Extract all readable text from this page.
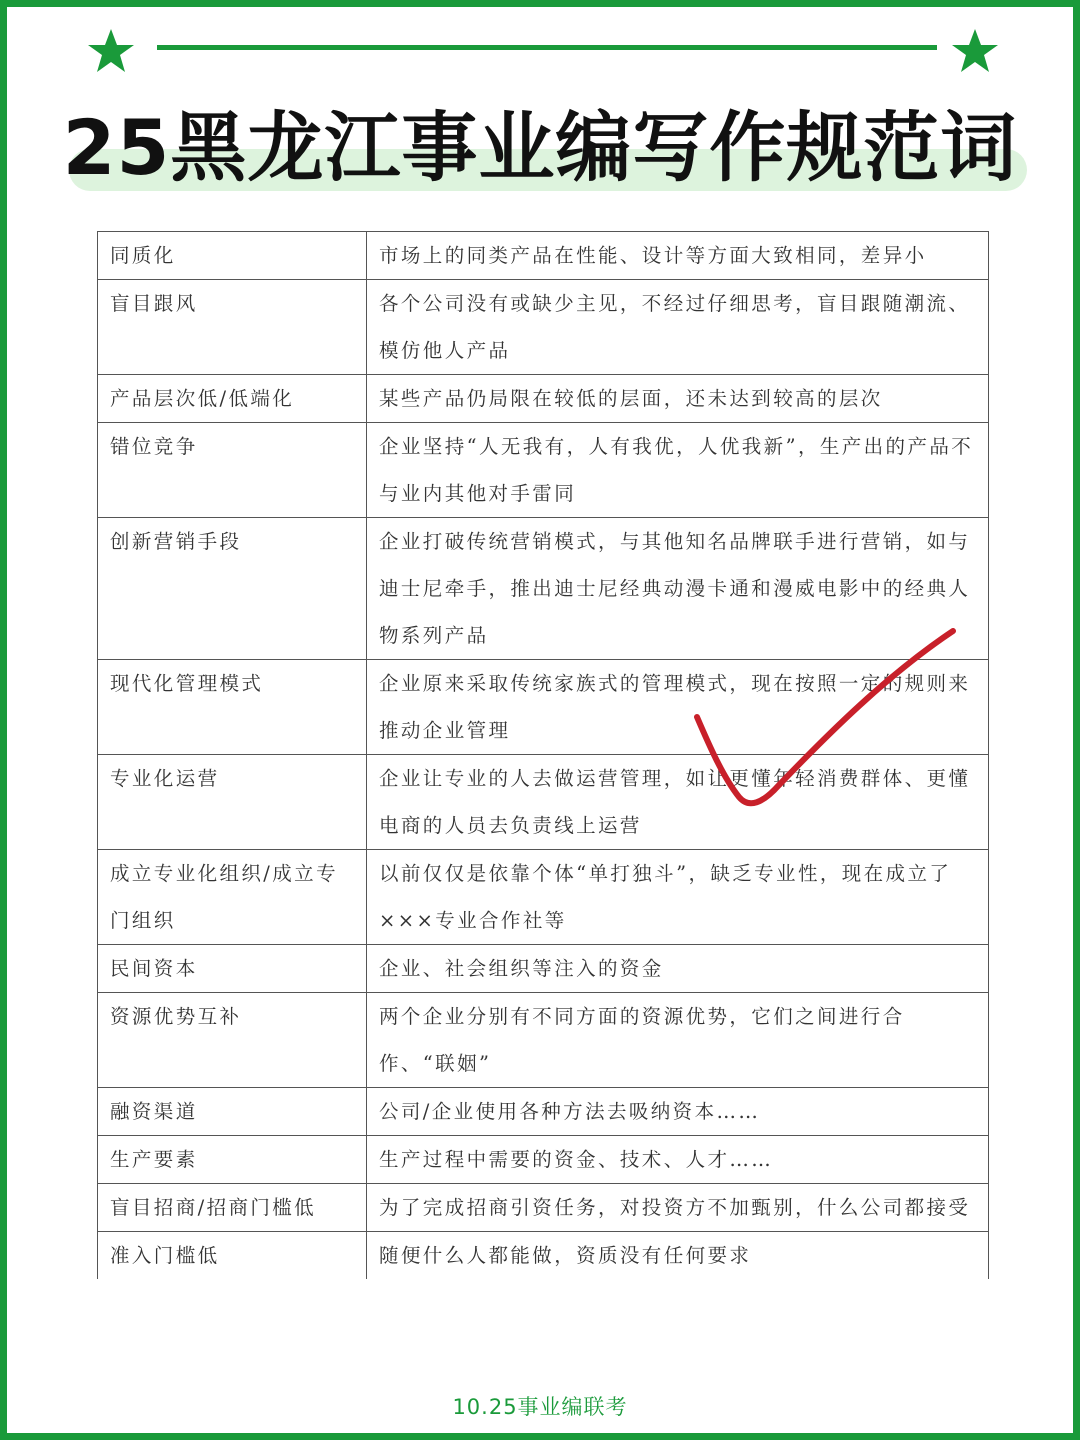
25黑龙江事业编写作规范词
同质化	市场上的同类产品在性能、设计等方面大致相同，差异小
盲目跟风	各个公司没有或缺少主见，不经过仔细思考，盲目跟随潮流、模仿他人产品
产品层次低/低端化	某些产品仍局限在较低的层面，还未达到较高的层次
错位竞争	企业坚持“人无我有，人有我优，人优我新”，生产出的产品不与业内其他对手雷同
创新营销手段	企业打破传统营销模式，与其他知名品牌联手进行营销，如与迪士尼牵手，推出迪士尼经典动漫卡通和漫威电影中的经典人物系列产品
现代化管理模式	企业原来采取传统家族式的管理模式，现在按照一定的规则来推动企业管理
专业化运营	企业让专业的人去做运营管理，如让更懂年轻消费群体、更懂电商的人员去负责线上运营
成立专业化组织/成立专门组织	以前仅仅是依靠个体“单打独斗”，缺乏专业性，现在成立了×××专业合作社等
民间资本	企业、社会组织等注入的资金
资源优势互补	两个企业分别有不同方面的资源优势，它们之间进行合作、“联姻”
融资渠道	公司/企业使用各种方法去吸纳资本……
生产要素	生产过程中需要的资金、技术、人才……
盲目招商/招商门槛低	为了完成招商引资任务，对投资方不加甄别，什么公司都接受
准入门槛低	随便什么人都能做，资质没有任何要求
10.25事业编联考
